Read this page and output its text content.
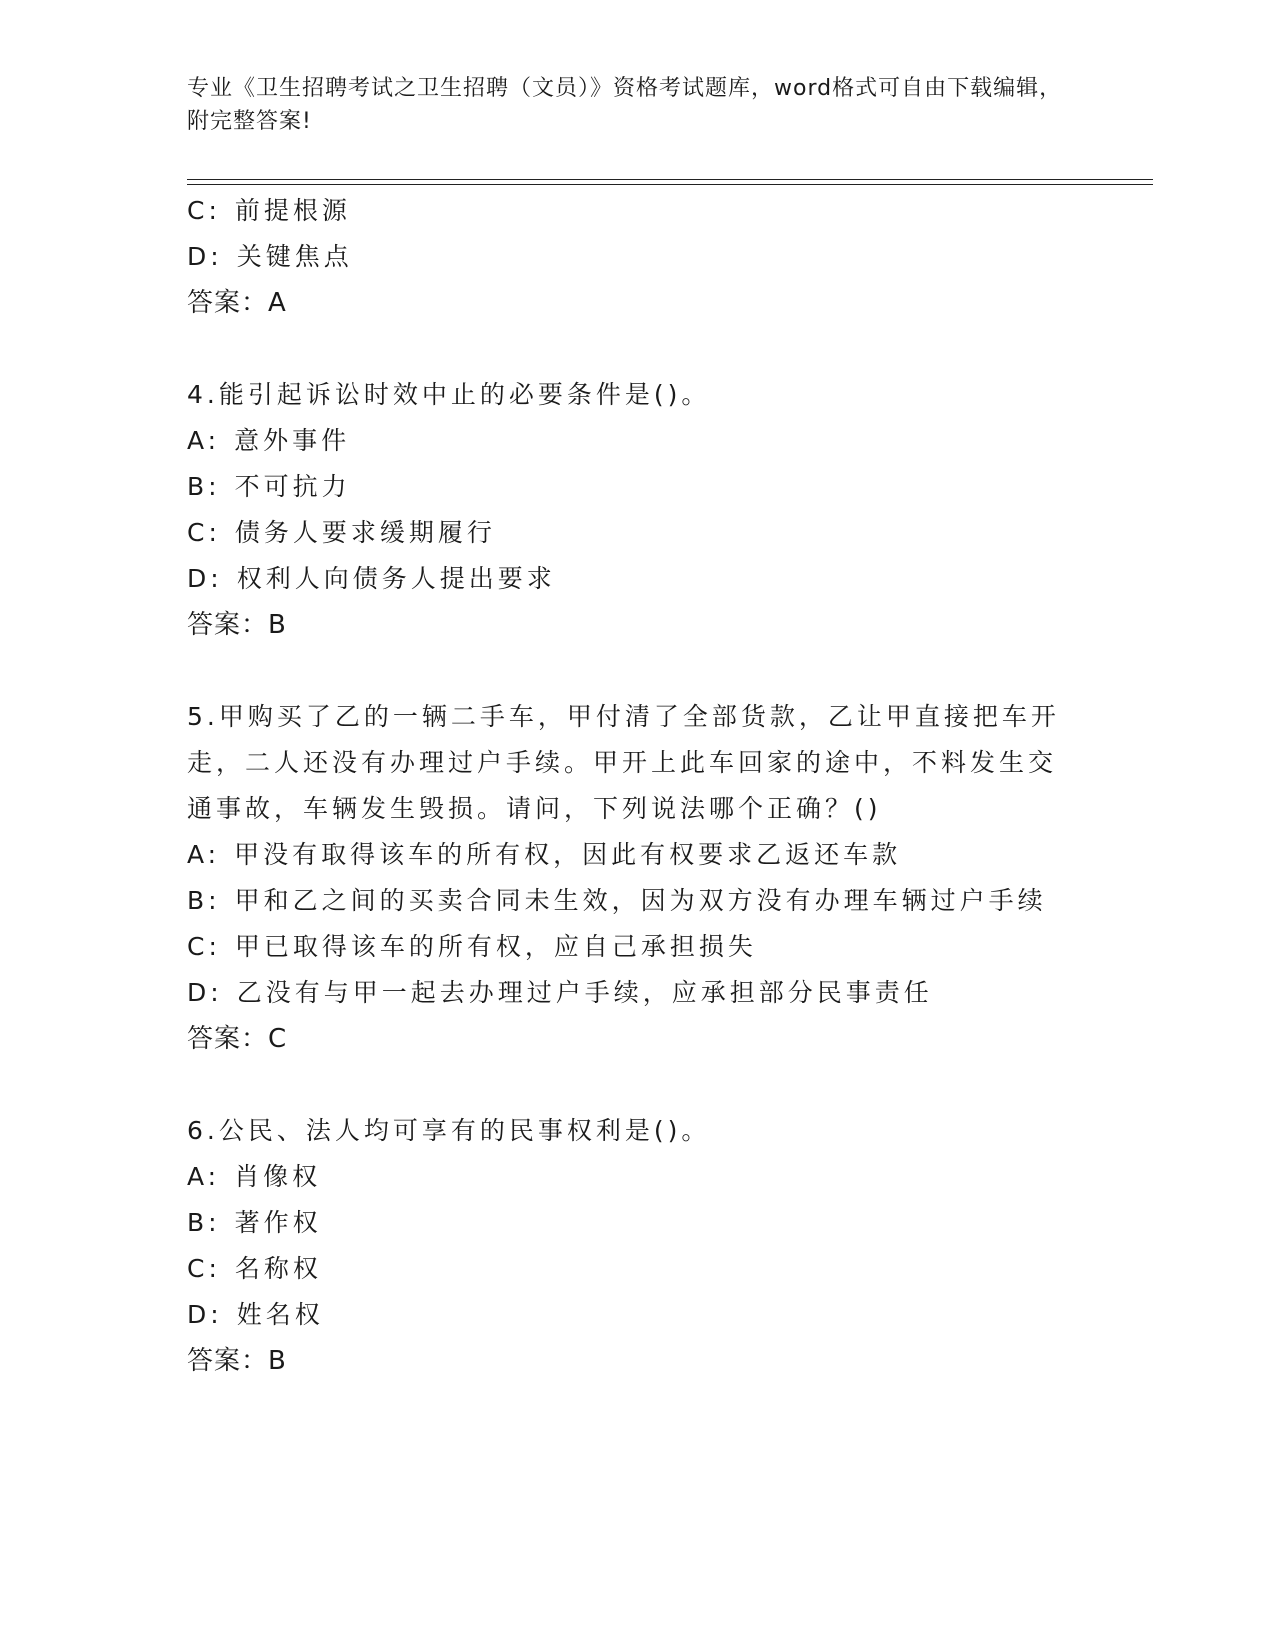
专业《卫生招聘考试之卫生招聘（文员）》资格考试题库，word格式可自由下载编辑，附完整答案!
C: 前提根源
D: 关键焦点
答案：A
4.能引起诉讼时效中止的必要条件是()。
A: 意外事件
B: 不可抗力
C: 债务人要求缓期履行
D: 权利人向债务人提出要求
答案：B
5.甲购买了乙的一辆二手车，甲付清了全部货款，乙让甲直接把车开
走，二人还没有办理过户手续。甲开上此车回家的途中，不料发生交
通事故，车辆发生毁损。请问，下列说法哪个正确？()
A: 甲没有取得该车的所有权，因此有权要求乙返还车款
B: 甲和乙之间的买卖合同未生效，因为双方没有办理车辆过户手续
C: 甲已取得该车的所有权，应自己承担损失
D: 乙没有与甲一起去办理过户手续，应承担部分民事责任
答案：C
6.公民、法人均可享有的民事权利是()。
A: 肖像权
B: 著作权
C: 名称权
D: 姓名权
答案：B
